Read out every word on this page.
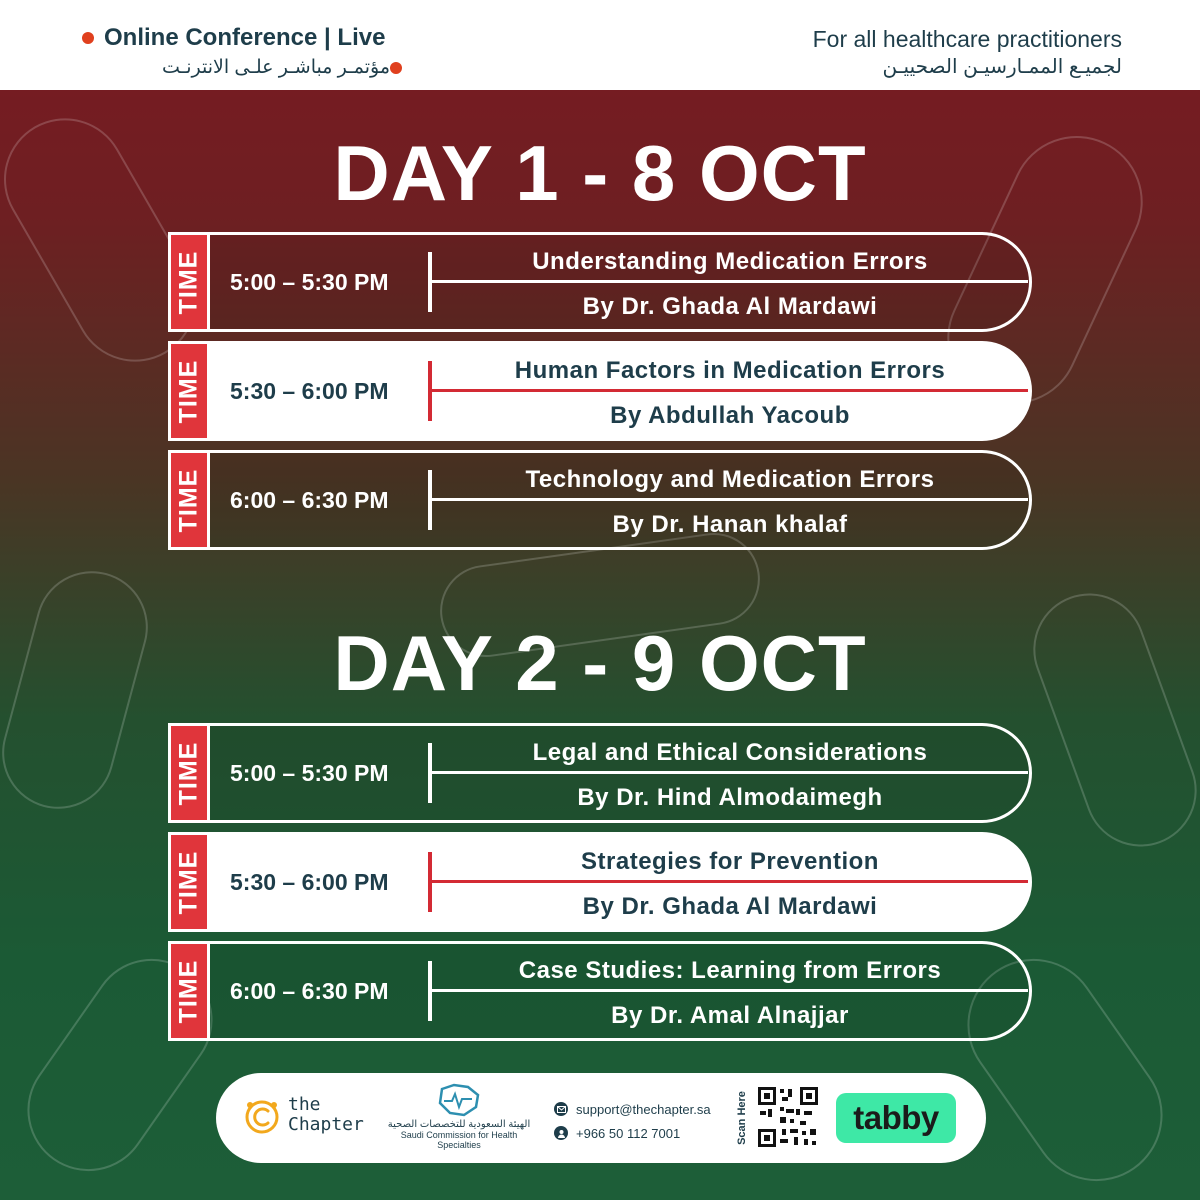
Online Conference | Live
مؤتمـر مباشـر علـى الانترنـت
For all healthcare practitioners
لجميـع الممـارسيـن الصحييـن
DAY 1 - 8 OCT
TIME 5:00 – 5:30 PM
Understanding Medication Errors
By Dr. Ghada Al Mardawi
TIME 5:30 – 6:00 PM
Human Factors in Medication Errors
By Abdullah Yacoub
TIME 6:00 – 6:30 PM
Technology and Medication Errors
By Dr. Hanan khalaf
DAY 2 - 9 OCT
TIME 5:00 – 5:30 PM
Legal and Ethical Considerations
By Dr. Hind Almodaimegh
TIME 5:30 – 6:00 PM
Strategies for Prevention
By Dr. Ghada Al Mardawi
TIME 6:00 – 6:30 PM
Case Studies: Learning from Errors
By Dr. Amal Alnajjar
the
Chapter	الهيئة السعودية للتخصصات الصحية
Saudi Commission for Health Specialties
support@thechapter.sa
+966 50 112 7001	Scan Here	tabby
